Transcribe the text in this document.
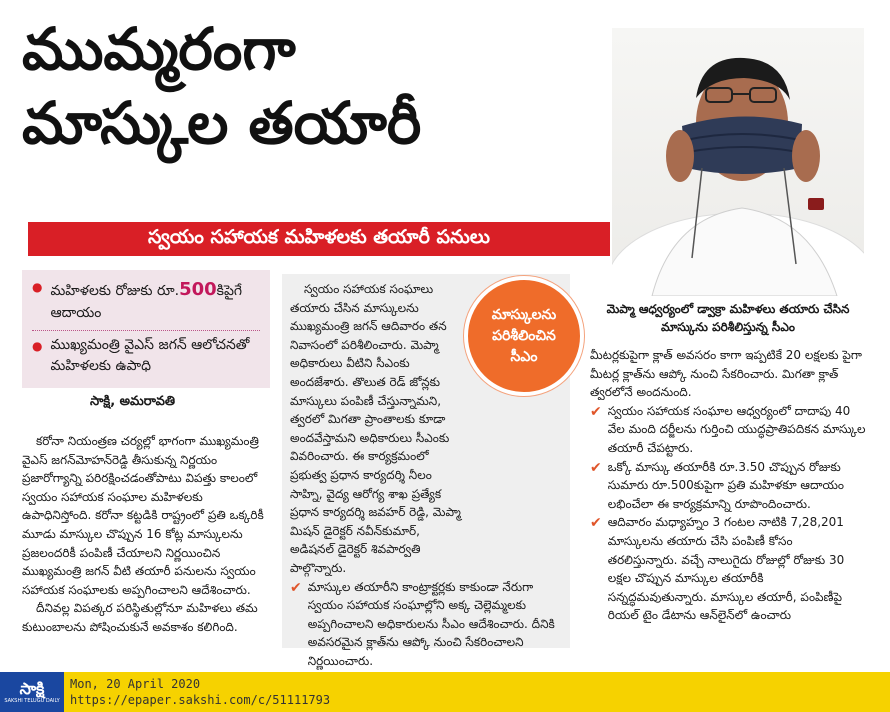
ముమ్మరంగా
మాస్కుల తయారీ
స్వయం సహాయక మహిళలకు తయారీ పనులు
● మహిళలకు రోజుకు రూ.500కిపైగే ఆదాయం
● ముఖ్యమంత్రి వైఎస్ జగన్ ఆలోచనతో మహిళలకు ఉపాధి
సాక్షి, అమరావతి

కరోనా నియంత్రణ చర్యల్లో భాగంగా ముఖ్యమంత్రి వైఎస్ జగన్‌మోహన్‌రెడ్డి తీసుకున్న నిర్ణయం ప్రజారోగ్యాన్ని పరిరక్షించడంతోపాటు విపత్తు కాలంలో స్వయం సహాయక సంఘాల మహిళలకు ఉపాధినిస్తోంది. కరోనా కట్టడికి రాష్ట్రంలో ప్రతి ఒక్కరికీ మూడు మాస్కుల చొప్పున 16 కోట్ల మాస్కులను ప్రజలందరికీ పంపిణీ చేయాలని నిర్ణయించిన ముఖ్యమంత్రి జగన్ వీటి తయారీ పనులను స్వయం సహాయక సంఘాలకు అప్పగించాలని ఆదేశించారు.

దీనివల్ల విపత్కర పరిస్థితుల్లోనూ మహిళలు తమ కుటుంబాలను పోషించుకునే అవకాశం కలిగింది.

స్వయం సహాయక సంఘాలు తయారు చేసిన మాస్కులను ముఖ్యమంత్రి జగన్ ఆదివారం తన నివాసంలో పరిశీలించారు. మెప్మా అధికారులు వీటిని సీఎంకు అందజేశారు. తొలుత రెడ్ జోన్లకు మాస్కులు పంపిణీ చేస్తున్నామని, త్వరలో మిగతా ప్రాంతాలకు కూడా అందవేస్తామని అధికారులు సీఎంకు వివరించారు. ఈ కార్యక్రమంలో ప్రభుత్వ ప్రధాన కార్యదర్శి నీలం సాహ్ని, వైద్య ఆరోగ్య శాఖ ప్రత్యేక ప్రధాన కార్యదర్శి జవహర్ రెడ్డి, మెప్మా మిషన్ డైరెక్టర్ నవీన్‌కుమార్, అడిషనల్ డైరెక్టర్ శివపార్వతి పాల్గొన్నారు.

✔ మాస్కుల తయారీని కాంట్రాక్టర్లకు కాకుండా నేరుగా స్వయం సహాయక సంఘాల్లోని అక్క చెల్లెమ్మలకు అప్పగించాలని అధికారులను సీఎం ఆదేశించారు. దీనికి అవసరమైన క్లాత్‌ను ఆప్కో నుంచి సేకరించాలని నిర్ణయించారు.
మాస్కులను
పరిశీలించిన
సీఎం
మెప్మా ఆధ్వర్యంలో డ్వాక్రా మహిళలు తయారు చేసిన మాస్కును పరిశీలిస్తున్న సీఎం

మీటర్లకుపైగా క్లాత్ అవసరం కాగా ఇప్పటికే 20 లక్షలకు పైగా మీటర్ల క్లాత్‌ను ఆప్కో నుంచి సేకరించారు. మిగతా క్లాత్ త్వరలోనే అందనుంది.

✔ స్వయం సహాయక సంఘాల ఆధ్వర్యంలో దాదాపు 40 వేల మంది దర్జీలను గుర్తించి యుద్ధప్రాతిపదికన మాస్కుల తయారీ చేపట్టారు.
✔ ఒక్కో మాస్కు తయారీకి రూ.3.50 చొప్పున రోజుకు సుమారు రూ.500కుపైగా ప్రతి మహిళకూ ఆదాయం లభించేలా ఈ కార్యక్రమాన్ని రూపొందించారు.
✔ ఆదివారం మధ్యాహ్నం 3 గంటల నాటికి 7,28,201 మాస్కులను తయారు చేసి పంపిణీ కోసం తరలిస్తున్నారు. వచ్చే నాలుగైదు రోజుల్లో రోజుకు 30 లక్షల చొప్పున మాస్కుల తయారీకి సన్నద్ధమవుతున్నారు. మాస్కుల తయారీ, పంపిణీపై రియల్ టైం డేటాను ఆన్‌లైన్‌లో ఉంచారు
సాక్షి
SAKSHI TELUGU DAILY
Mon, 20 April 2020
https://epaper.sakshi.com/c/51111793
